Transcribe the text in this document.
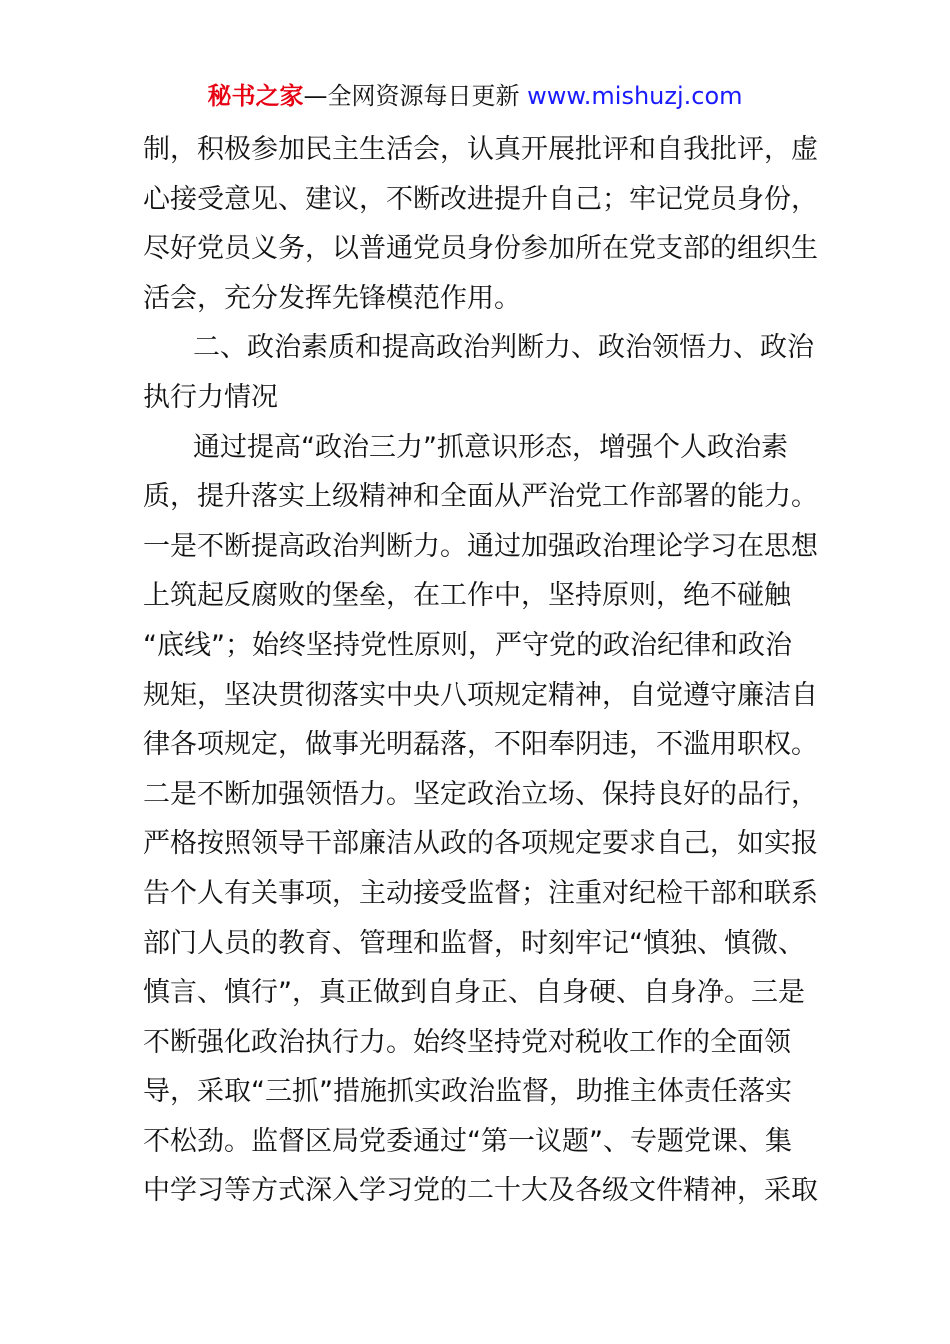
秘书之家—全网资源每日更新 www.mishuzj.com
制，积极参加民主生活会，认真开展批评和自我批评，虚
心接受意见、建议，不断改进提升自己；牢记党员身份，
尽好党员义务，以普通党员身份参加所在党支部的组织生
活会，充分发挥先锋模范作用。
二、政治素质和提高政治判断力、政治领悟力、政治
执行力情况
通过提高“政治三力”抓意识形态，增强个人政治素
质，提升落实上级精神和全面从严治党工作部署的能力。
一是不断提高政治判断力。通过加强政治理论学习在思想
上筑起反腐败的堡垒，在工作中，坚持原则，绝不碰触
“底线”；始终坚持党性原则，严守党的政治纪律和政治
规矩，坚决贯彻落实中央八项规定精神，自觉遵守廉洁自
律各项规定，做事光明磊落，不阳奉阴违，不滥用职权。
二是不断加强领悟力。坚定政治立场、保持良好的品行，
严格按照领导干部廉洁从政的各项规定要求自己，如实报
告个人有关事项，主动接受监督；注重对纪检干部和联系
部门人员的教育、管理和监督，时刻牢记“慎独、慎微、
慎言、慎行”，真正做到自身正、自身硬、自身净。三是
不断强化政治执行力。始终坚持党对税收工作的全面领
导，采取“三抓”措施抓实政治监督，助推主体责任落实
不松劲。监督区局党委通过“第一议题”、专题党课、集
中学习等方式深入学习党的二十大及各级文件精神，采取
